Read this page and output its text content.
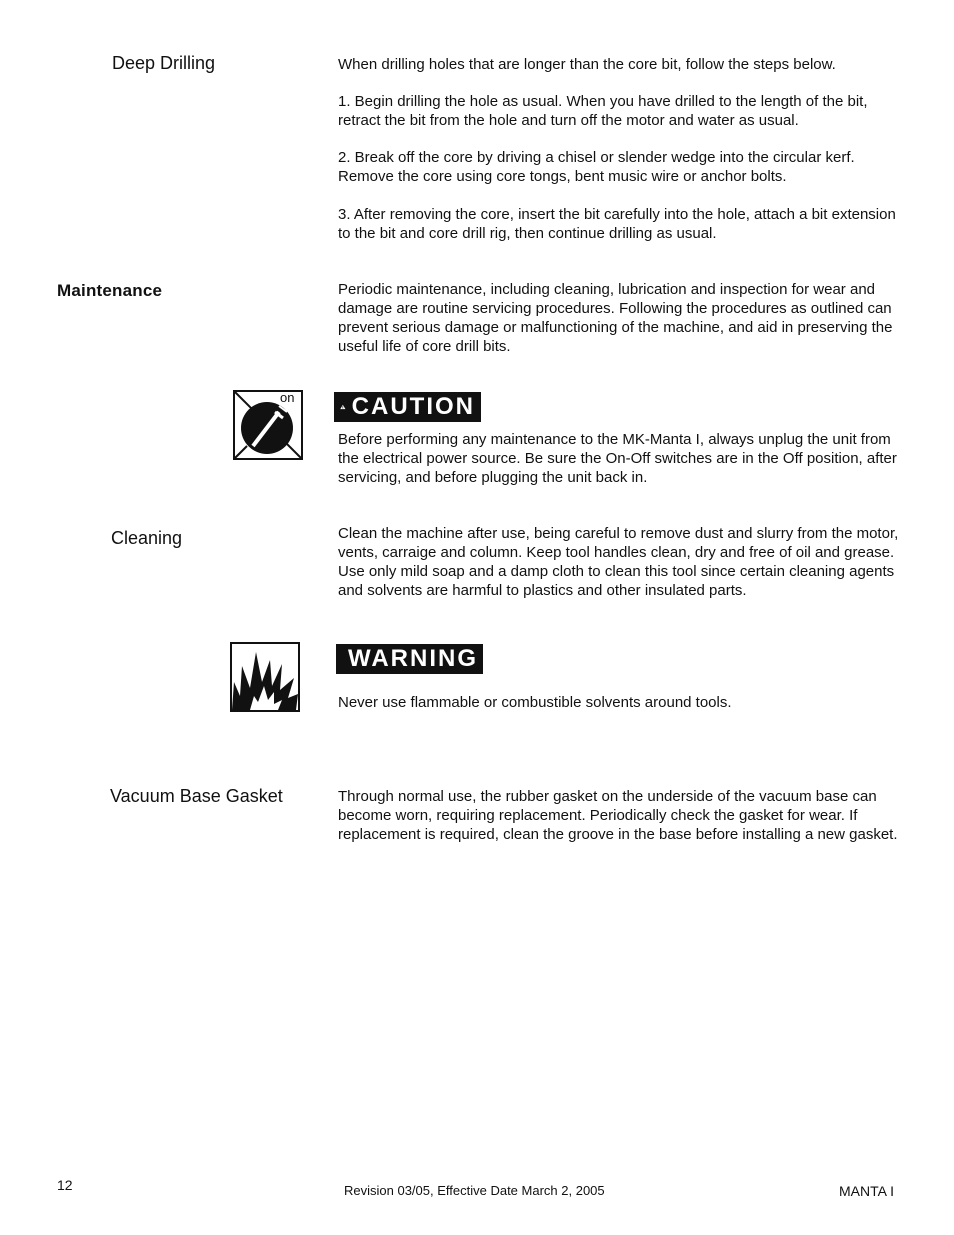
Deep Drilling	When drilling holes that are longer than the core bit, follow the steps below.

1. Begin drilling the hole as usual. When you have drilled to the length of the bit, retract the bit from the hole and turn off the motor and water as usual.

2. Break off the core by driving a chisel or slender wedge into the circular kerf. Remove the core using core tongs, bent music wire or anchor bolts.

3. After removing the core, insert the bit carefully into the hole, attach a bit extension to the bit and core drill rig, then continue drilling as usual.

Maintenance	Periodic maintenance, including cleaning, lubrication and inspection for wear and damage are routine servicing procedures. Following the procedures as outlined can prevent serious damage or malfunctioning of the machine, and aid in preserving the useful life of core drill bits.

on CAUTION

Before performing any maintenance to the MK-Manta I, always unplug the unit from the electrical power source. Be sure the On-Off switches are in the Off position, after servicing, and before plugging the unit back in.

Cleaning	Clean the machine after use, being careful to remove dust and slurry from the motor, vents, carraige and column. Keep tool handles clean, dry and free of oil and grease. Use only mild soap and a damp cloth to clean this tool since certain cleaning agents and solvents are harmful to plastics and other insulated parts.

WARNING

Never use flammable or combustible solvents around tools.

Vacuum Base Gasket	Through normal use, the rubber gasket on the underside of the vacuum base can become worn, requiring replacement. Periodically check the gasket for wear. If replacement is required, clean the groove in the base before installing a new gasket.

12	Revision 03/05, Effective Date March 2, 2005	MANTA I
